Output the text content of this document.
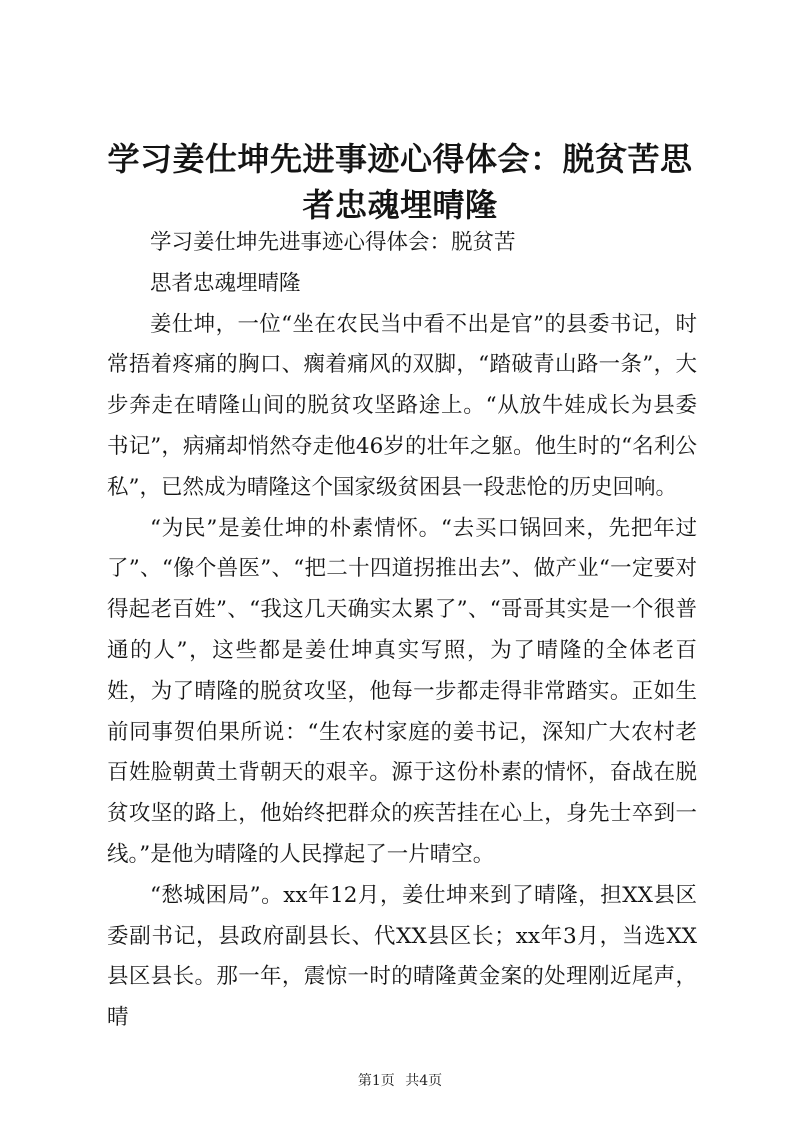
学习姜仕坤先进事迹心得体会：脱贫苦思者忠魂埋晴隆

学习姜仕坤先进事迹心得体会：脱贫苦

思者忠魂埋晴隆

姜仕坤，一位“坐在农民当中看不出是官”的县委书记，时常捂着疼痛的胸口、瘸着痛风的双脚，“踏破青山路一条”，大步奔走在晴隆山间的脱贫攻坚路途上。“从放牛娃成长为县委书记”，病痛却悄然夺走他46岁的壮年之躯。他生时的“名利公私”，已然成为晴隆这个国家级贫困县一段悲怆的历史回响。

“为民”是姜仕坤的朴素情怀。“去买口锅回来，先把年过了”、“像个兽医”、“把二十四道拐推出去”、做产业“一定要对得起老百姓”、“我这几天确实太累了”、“哥哥其实是一个很普通的人”，这些都是姜仕坤真实写照，为了晴隆的全体老百姓，为了晴隆的脱贫攻坚，他每一步都走得非常踏实。正如生前同事贺伯果所说：“生农村家庭的姜书记，深知广大农村老百姓脸朝黄土背朝天的艰辛。源于这份朴素的情怀，奋战在脱贫攻坚的路上，他始终把群众的疾苦挂在心上，身先士卒到一线。”是他为晴隆的人民撑起了一片晴空。

“愁城困局”。xx年12月，姜仕坤来到了晴隆，担XX县区委副书记，县政府副县长、代XX县区长；xx年3月，当选XX县区县长。那一年，震惊一时的晴隆黄金案的处理刚近尾声，晴

第1页 共4页
